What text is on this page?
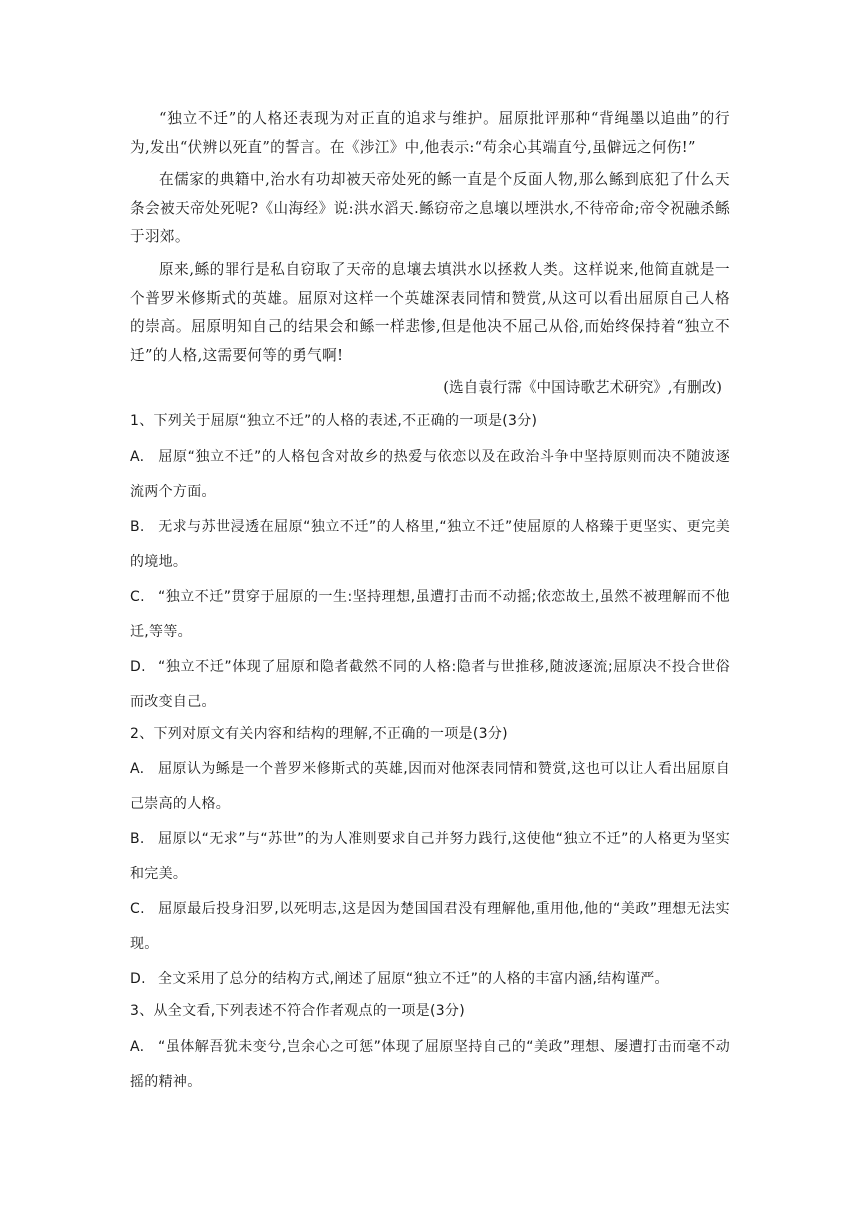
“独立不迁”的人格还表现为对正直的追求与维护。屈原批评那种“背绳墨以追曲”的行为,发出“伏辨以死直”的誓言。在《涉江》中,他表示:“苟余心其端直兮,虽僻远之何伤!”

在儒家的典籍中,治水有功却被天帝处死的鲧一直是个反面人物,那么鲧到底犯了什么天条会被天帝处死呢?《山海经》说:洪水滔天.鲧窃帝之息壤以堙洪水,不待帝命;帝令祝融杀鲧于羽郊。

原来,鲧的罪行是私自窃取了天帝的息壤去填洪水以拯救人类。这样说来,他简直就是一个普罗米修斯式的英雄。屈原对这样一个英雄深表同情和赞赏,从这可以看出屈原自己人格的崇高。屈原明知自己的结果会和鲧一样悲惨,但是他决不屈己从俗,而始终保持着“独立不迁”的人格,这需要何等的勇气啊!

(选自袁行霈《中国诗歌艺术研究》,有删改)

1、下列关于屈原“独立不迁”的人格的表述,不正确的一项是(3分)

A. 屈原“独立不迁”的人格包含对故乡的热爱与依恋以及在政治斗争中坚持原则而决不随波逐流两个方面。

B. 无求与苏世浸透在屈原“独立不迁”的人格里,“独立不迁”使屈原的人格臻于更坚实、更完美的境地。

C. “独立不迁”贯穿于屈原的一生:坚持理想,虽遭打击而不动摇;依恋故土,虽然不被理解而不他迁,等等。

D. “独立不迁”体现了屈原和隐者截然不同的人格:隐者与世推移,随波逐流;屈原决不投合世俗而改变自己。

2、下列对原文有关内容和结构的理解,不正确的一项是(3分)

A. 屈原认为鲧是一个普罗米修斯式的英雄,因而对他深表同情和赞赏,这也可以让人看出屈原自己崇高的人格。

B. 屈原以“无求”与“苏世”的为人准则要求自己并努力践行,这使他“独立不迁”的人格更为坚实和完美。

C. 屈原最后投身汨罗,以死明志,这是因为楚国国君没有理解他,重用他,他的“美政”理想无法实现。

D. 全文采用了总分的结构方式,阐述了屈原“独立不迁”的人格的丰富内涵,结构谨严。

3、从全文看,下列表述不符合作者观点的一项是(3分)

A. “虽体解吾犹未变兮,岂余心之可惩”体现了屈原坚持自己的“美政”理想、屡遭打击而毫不动摇的精神。
